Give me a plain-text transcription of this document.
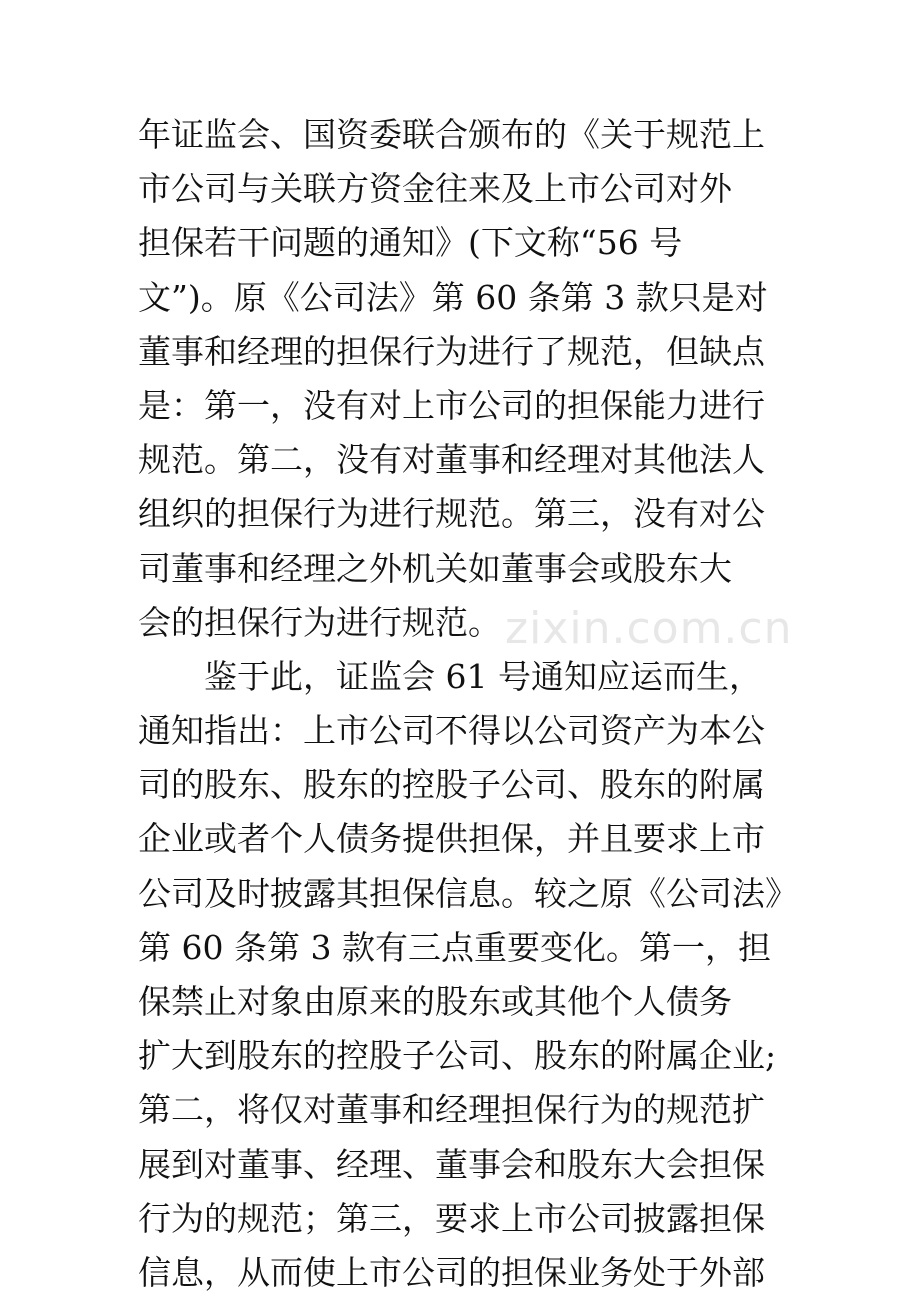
zixin.com.cn
年证监会、国资委联合颁布的《关于规范上
市公司与关联方资金往来及上市公司对外
担保若干问题的通知》(下文称“56 号
文”)。原《公司法》第 60 条第 3 款只是对
董事和经理的担保行为进行了规范，但缺点
是：第一，没有对上市公司的担保能力进行
规范。第二，没有对董事和经理对其他法人
组织的担保行为进行规范。第三，没有对公
司董事和经理之外机关如董事会或股东大
会的担保行为进行规范。
　　鉴于此，证监会 61 号通知应运而生，
通知指出：上市公司不得以公司资产为本公
司的股东、股东的控股子公司、股东的附属
企业或者个人债务提供担保，并且要求上市
公司及时披露其担保信息。较之原《公司法》
第 60 条第 3 款有三点重要变化。第一，担
保禁止对象由原来的股东或其他个人债务
扩大到股东的控股子公司、股东的附属企业;
第二，将仅对董事和经理担保行为的规范扩
展到对董事、经理、董事会和股东大会担保
行为的规范；第三，要求上市公司披露担保
信息，从而使上市公司的担保业务处于外部
